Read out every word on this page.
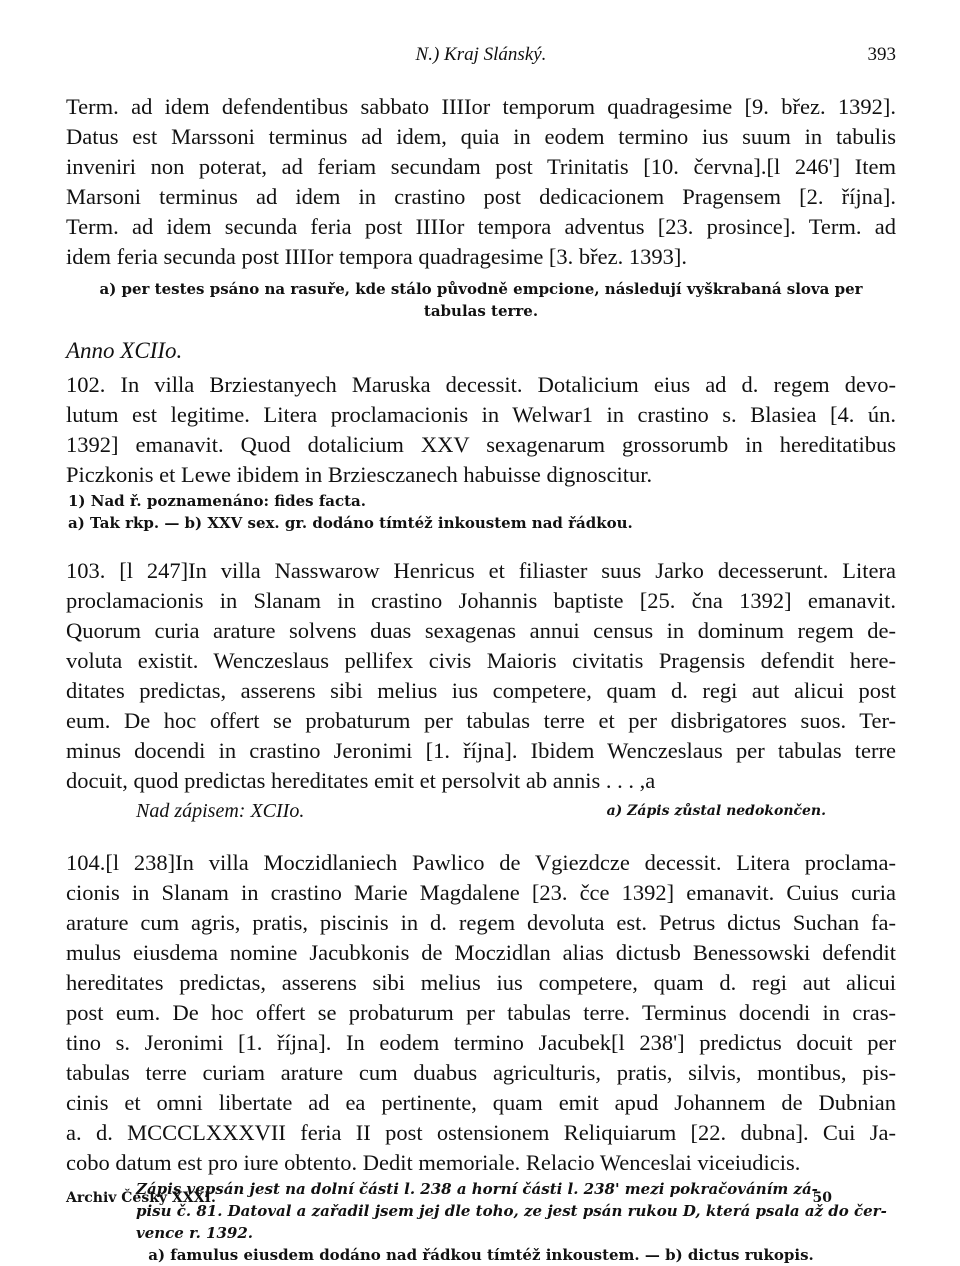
N.) Kraj Slánský.	393

Term. ad idem defendentibus sabbato IIIIor temporum quadragesime [9. břez. 1392].

Datus est Marssoni terminus ad idem, quia in eodem termino ius suum in tabulis

inveniri non poterat, ad feriam secundam post Trinitatis [10. června].[l 246'] Item

Marsoni terminus ad idem in crastino post dedicacionem Pragensem [2. října].

Term. ad idem secunda feria post IIIIor tempora adventus [23. prosince]. Term. ad

idem feria secunda post IIIIor tempora quadragesime [3. břez. 1393].

a) per testes psáno na rasuře, kde stálo původně empcione, následují vyškrabaná slova per tabulas terre.

Anno XCIIo.

102. In villa Brziestanyech Maruska decessit. Dotalicium eius ad d. regem devo-

lutum est legitime. Litera proclamacionis in Welwar1 in crastino s. Blasiea [4. ún.

1392] emanavit. Quod dotalicium XXV sexagenarum grossorumb in hereditatibus

Piczkonis et Lewe ibidem in Brziesczanech habuisse dignoscitur.

1) Nad ř. poznamenáno: fides facta.

a) Tak rkp. — b) XXV sex. gr. dodáno tímtéž inkoustem nad řádkou.

103. [l 247]In villa Nasswarow Henricus et filiaster suus Jarko decesserunt. Litera

proclamacionis in Slanam in crastino Johannis baptiste [25. čna 1392] emanavit.

Quorum curia arature solvens duas sexagenas annui census in dominum regem de-

voluta existit. Wenczeslaus pellifex civis Maioris civitatis Pragensis defendit here-

ditates predictas, asserens sibi melius ius competere, quam d. regi aut alicui post

eum. De hoc offert se probaturum per tabulas terre et per disbrigatores suos. Ter-

minus docendi in crastino Jeronimi [1. října]. Ibidem Wenczeslaus per tabulas terre

docuit, quod predictas hereditates emit et persolvit ab annis . . . ,a

Nad zápisem: XCIIo.	a) Zápis zůstal nedokončen.

104.[l 238]In villa Moczidlaniech Pawlico de Vgiezdcze decessit. Litera proclama-

cionis in Slanam in crastino Marie Magdalene [23. čce 1392] emanavit. Cuius curia

arature cum agris, pratis, piscinis in d. regem devoluta est. Petrus dictus Suchan fa-

mulus eiusdema nomine Jacubkonis de Moczidlan alias dictusb Benessowski defendit

hereditates predictas, asserens sibi melius ius competere, quam d. regi aut alicui

post eum. De hoc offert se probaturum per tabulas terre. Terminus docendi in cras-

tino s. Jeronimi [1. října]. In eodem termino Jacubek[l 238'] predictus docuit per

tabulas terre curiam arature cum duabus agriculturis, pratis, silvis, montibus, pis-

cinis et omni libertate ad ea pertinente, quam emit apud Johannem de Dubnian

a. d. MCCCLXXXVII feria II post ostensionem Reliquiarum [22. dubna]. Cui Ja-

cobo datum est pro iure obtento. Dedit memoriale. Relacio Wenceslai viceiudicis.

Zápis vepsán jest na dolní části l. 238 a horní části l. 238' mezi pokračováním zá-

pisu č. 81. Datoval a zařadil jsem jej dle toho, ze jest psán rukou D, která psala až do čer-

vence r. 1392.

a) famulus eiusdem dodáno nad řádkou tímtéž inkoustem. — b) dictus rukopis.

Archiv Český XXXI.	50
